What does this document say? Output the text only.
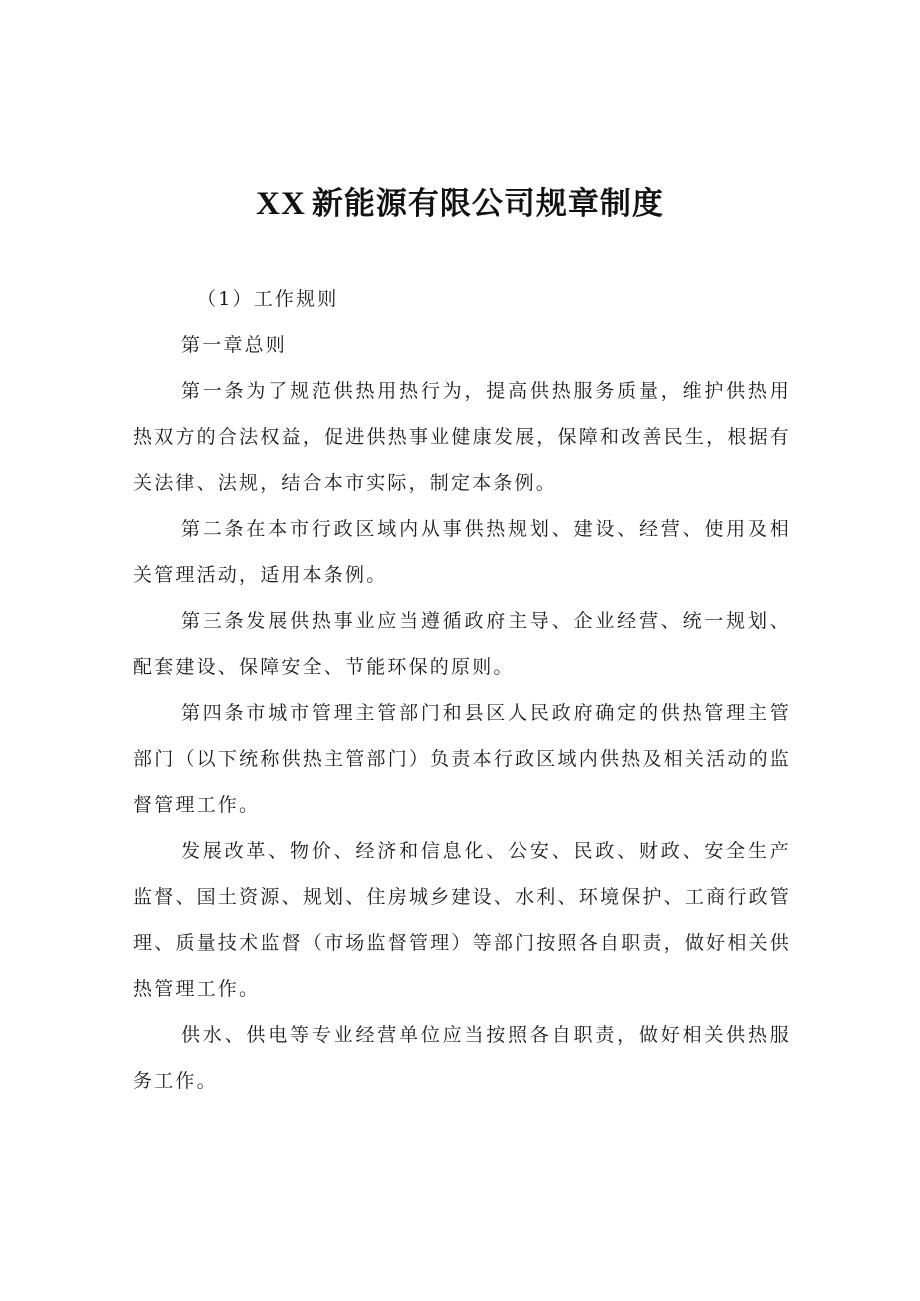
XX 新能源有限公司规章制度

（1）工作规则

第一章总则

第一条为了规范供热用热行为，提高供热服务质量，维护供热用热双方的合法权益，促进供热事业健康发展，保障和改善民生，根据有关法律、法规，结合本市实际，制定本条例。

第二条在本市行政区域内从事供热规划、建设、经营、使用及相关管理活动，适用本条例。

第三条发展供热事业应当遵循政府主导、企业经营、统一规划、配套建设、保障安全、节能环保的原则。

第四条市城市管理主管部门和县区人民政府确定的供热管理主管部门（以下统称供热主管部门）负责本行政区域内供热及相关活动的监督管理工作。

发展改革、物价、经济和信息化、公安、民政、财政、安全生产监督、国土资源、规划、住房城乡建设、水利、环境保护、工商行政管理、质量技术监督（市场监督管理）等部门按照各自职责，做好相关供热管理工作。

供水、供电等专业经营单位应当按照各自职责，做好相关供热服务工作。
